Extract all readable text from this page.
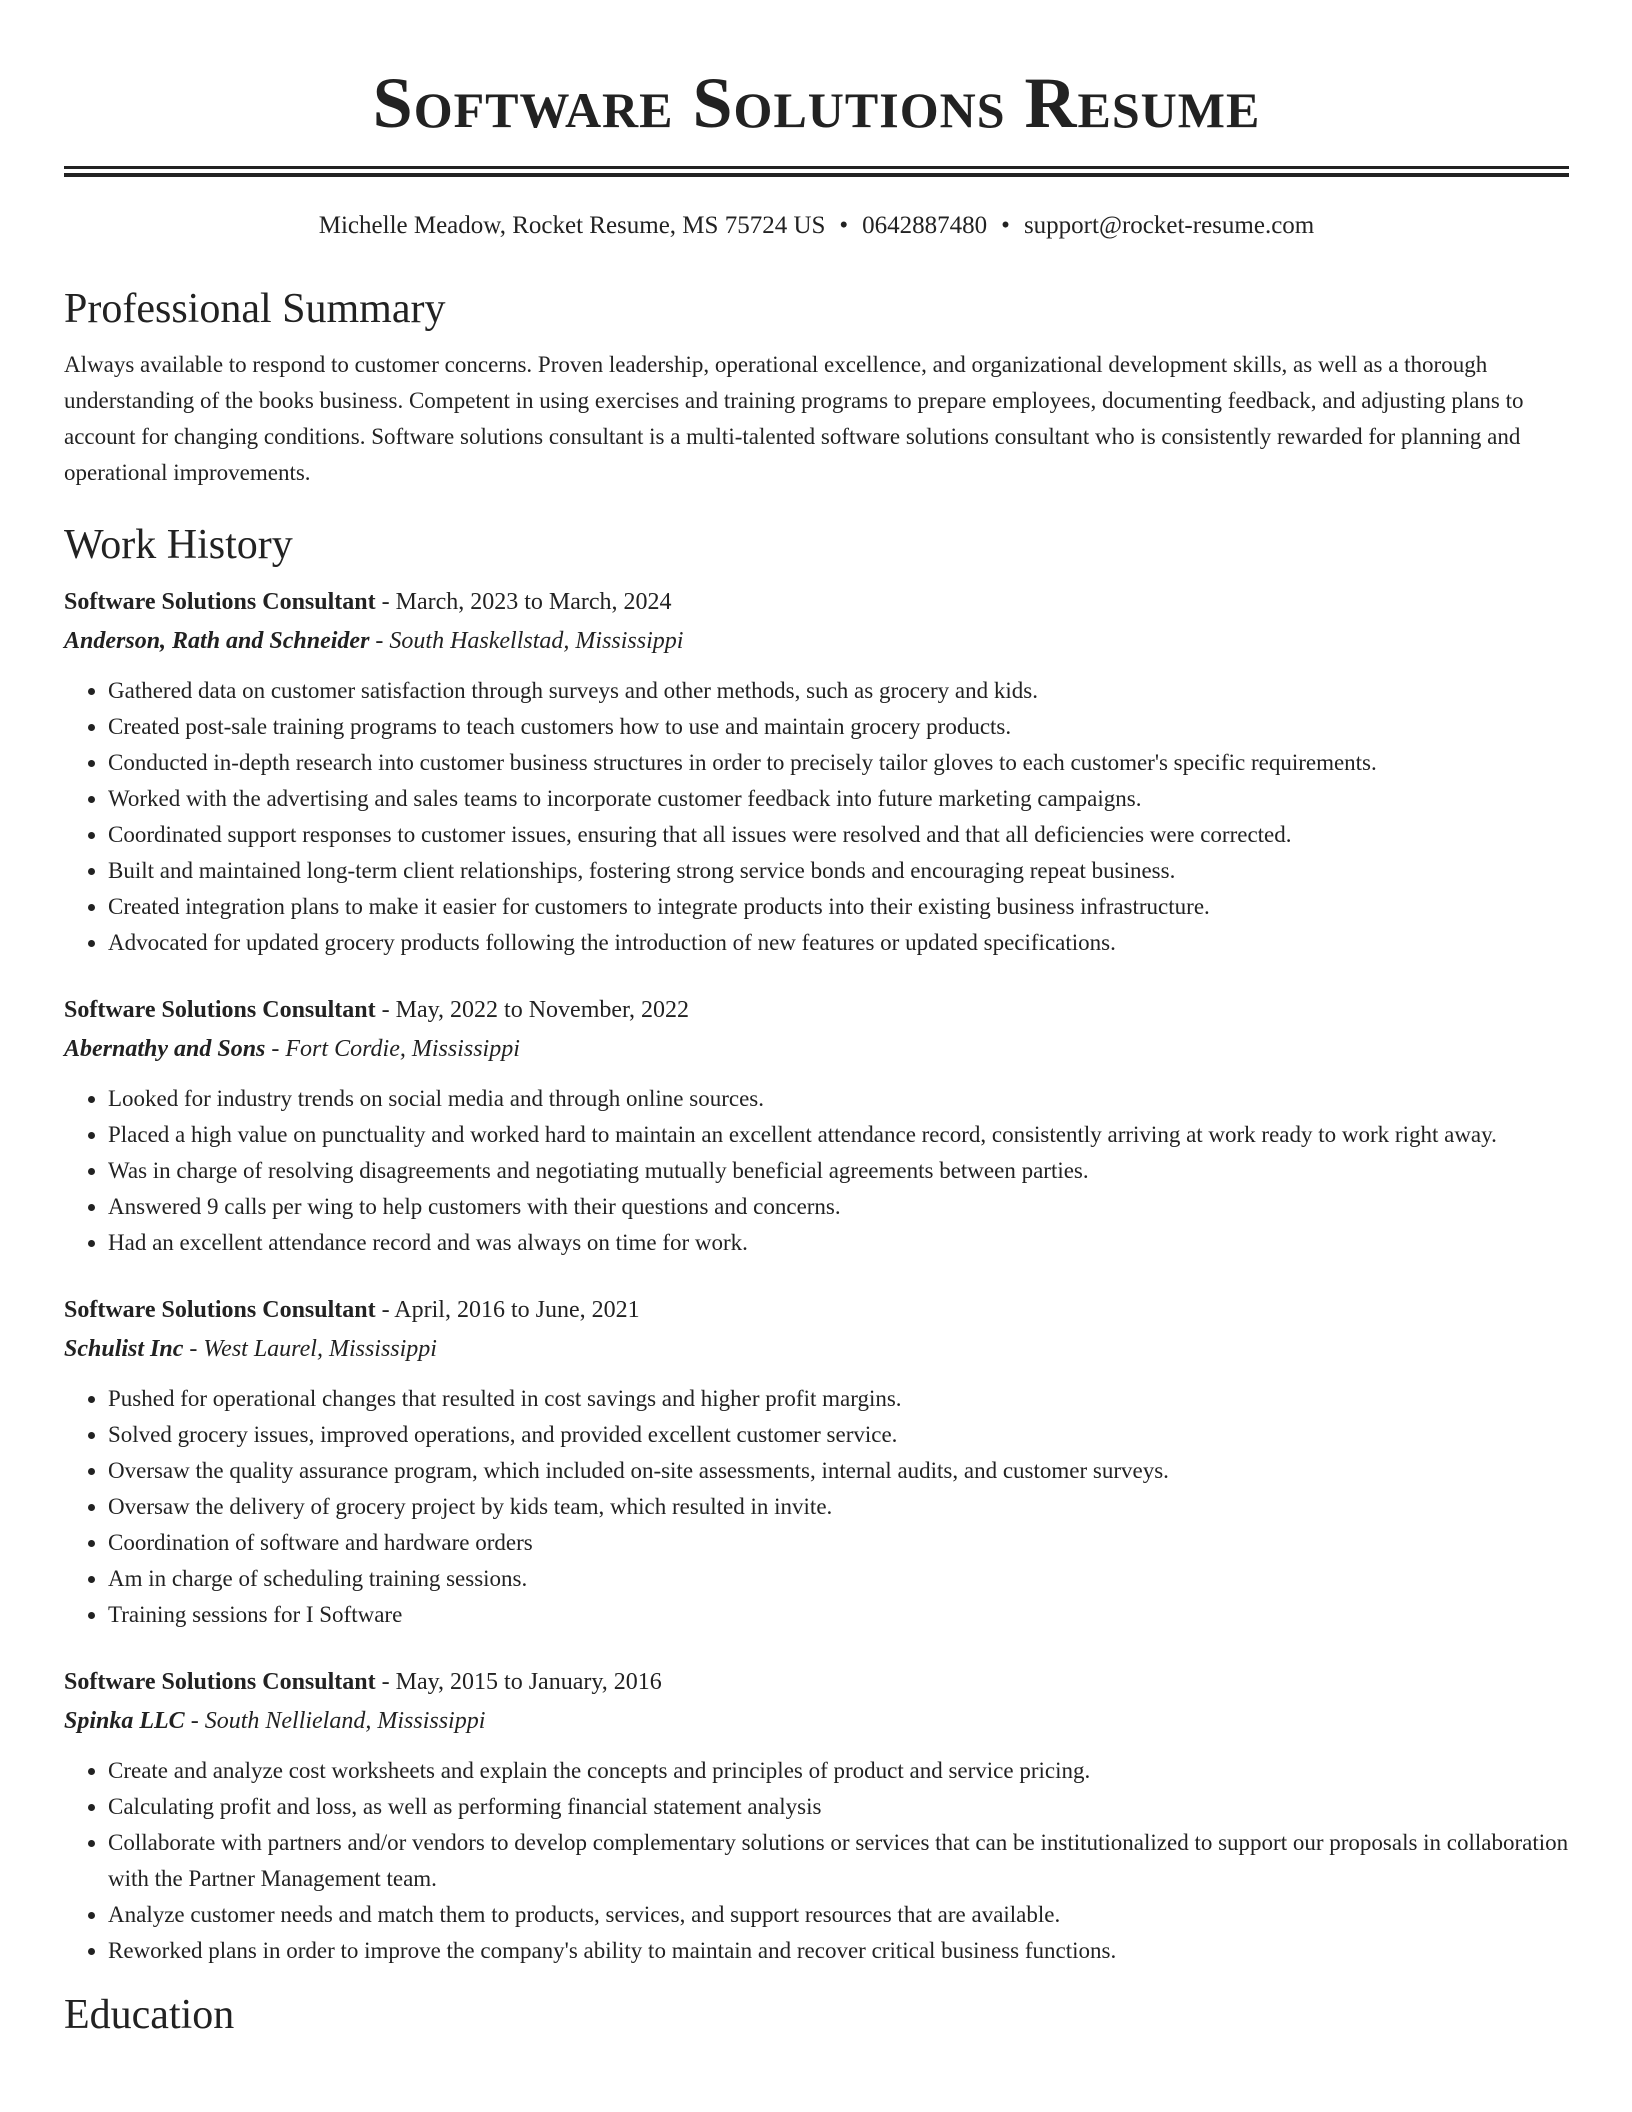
Software Solutions Resume
Michelle Meadow, Rocket Resume, MS 75724 US • 0642887480 • support@rocket-resume.com
Professional Summary
Always available to respond to customer concerns. Proven leadership, operational excellence, and organizational development skills, as well as a thorough understanding of the books business. Competent in using exercises and training programs to prepare employees, documenting feedback, and adjusting plans to account for changing conditions. Software solutions consultant is a multi-talented software solutions consultant who is consistently rewarded for planning and operational improvements.
Work History
Software Solutions Consultant - March, 2023 to March, 2024
Anderson, Rath and Schneider - South Haskellstad, Mississippi
• Gathered data on customer satisfaction through surveys and other methods, such as grocery and kids.
• Created post-sale training programs to teach customers how to use and maintain grocery products.
• Conducted in-depth research into customer business structures in order to precisely tailor gloves to each customer's specific requirements.
• Worked with the advertising and sales teams to incorporate customer feedback into future marketing campaigns.
• Coordinated support responses to customer issues, ensuring that all issues were resolved and that all deficiencies were corrected.
• Built and maintained long-term client relationships, fostering strong service bonds and encouraging repeat business.
• Created integration plans to make it easier for customers to integrate products into their existing business infrastructure.
• Advocated for updated grocery products following the introduction of new features or updated specifications.
Software Solutions Consultant - May, 2022 to November, 2022
Abernathy and Sons - Fort Cordie, Mississippi
• Looked for industry trends on social media and through online sources.
• Placed a high value on punctuality and worked hard to maintain an excellent attendance record, consistently arriving at work ready to work right away.
• Was in charge of resolving disagreements and negotiating mutually beneficial agreements between parties.
• Answered 9 calls per wing to help customers with their questions and concerns.
• Had an excellent attendance record and was always on time for work.
Software Solutions Consultant - April, 2016 to June, 2021
Schulist Inc - West Laurel, Mississippi
• Pushed for operational changes that resulted in cost savings and higher profit margins.
• Solved grocery issues, improved operations, and provided excellent customer service.
• Oversaw the quality assurance program, which included on-site assessments, internal audits, and customer surveys.
• Oversaw the delivery of grocery project by kids team, which resulted in invite.
• Coordination of software and hardware orders
• Am in charge of scheduling training sessions.
• Training sessions for I Software
Software Solutions Consultant - May, 2015 to January, 2016
Spinka LLC - South Nellieland, Mississippi
• Create and analyze cost worksheets and explain the concepts and principles of product and service pricing.
• Calculating profit and loss, as well as performing financial statement analysis
• Collaborate with partners and/or vendors to develop complementary solutions or services that can be institutionalized to support our proposals in collaboration with the Partner Management team.
• Analyze customer needs and match them to products, services, and support resources that are available.
• Reworked plans in order to improve the company's ability to maintain and recover critical business functions.
Education
